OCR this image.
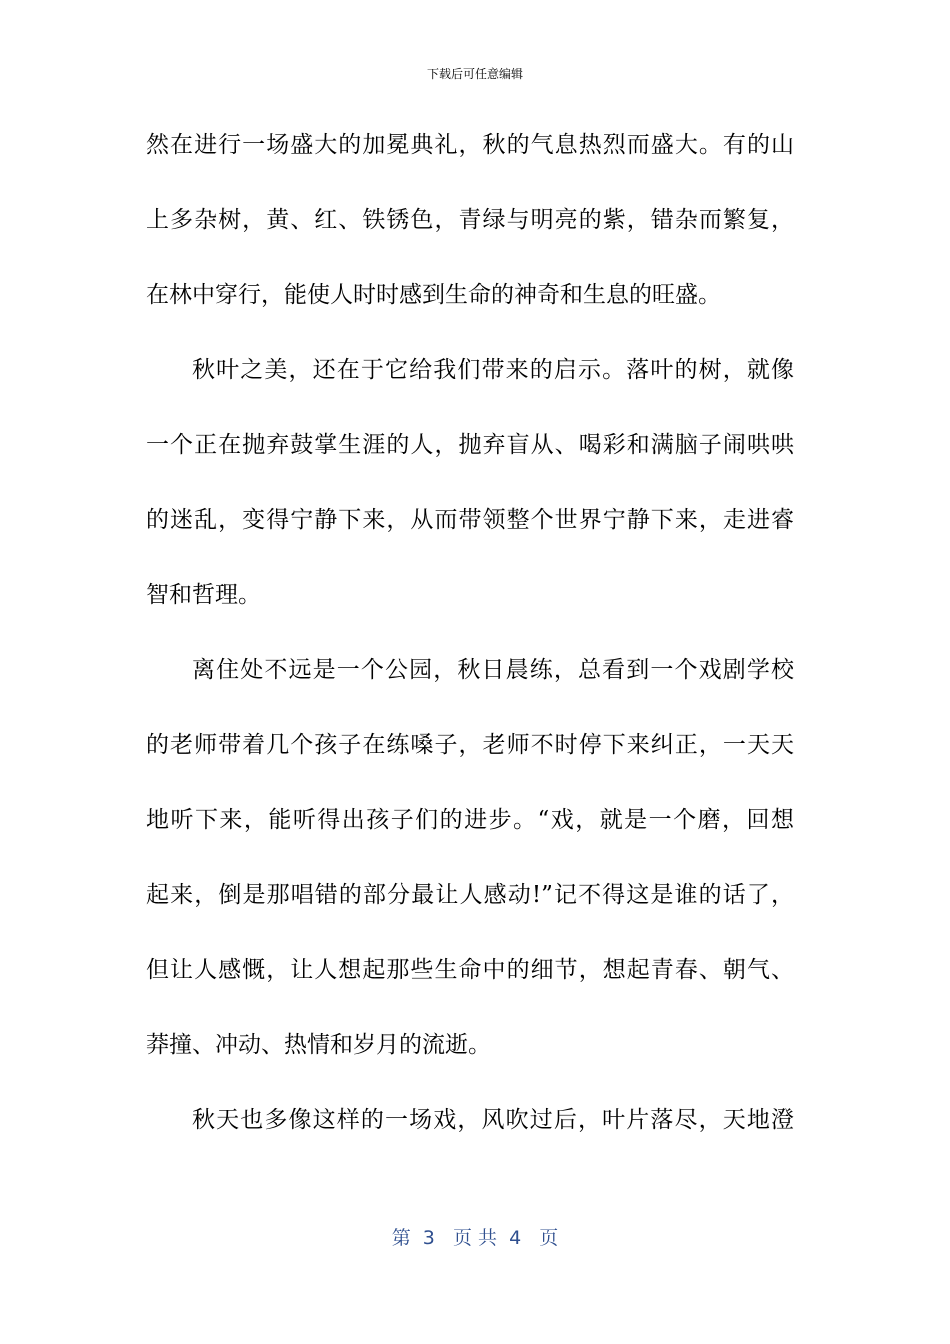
下载后可任意编辑
然在进行一场盛大的加冕典礼，秋的气息热烈而盛大。有的山
上多杂树，黄、红、铁锈色，青绿与明亮的紫，错杂而繁复，
在林中穿行，能使人时时感到生命的神奇和生息的旺盛。
秋叶之美，还在于它给我们带来的启示。落叶的树，就像
一个正在抛弃鼓掌生涯的人，抛弃盲从、喝彩和满脑子闹哄哄
的迷乱，变得宁静下来，从而带领整个世界宁静下来，走进睿
智和哲理。
离住处不远是一个公园，秋日晨练，总看到一个戏剧学校
的老师带着几个孩子在练嗓子，老师不时停下来纠正，一天天
地听下来，能听得出孩子们的进步。“戏，就是一个磨，回想
起来，倒是那唱错的部分最让人感动!”记不得这是谁的话了，
但让人感慨，让人想起那些生命中的细节，想起青春、朝气、
莽撞、冲动、热情和岁月的流逝。
秋天也多像这样的一场戏，风吹过后，叶片落尽，天地澄
第  3   页 共  4   页
